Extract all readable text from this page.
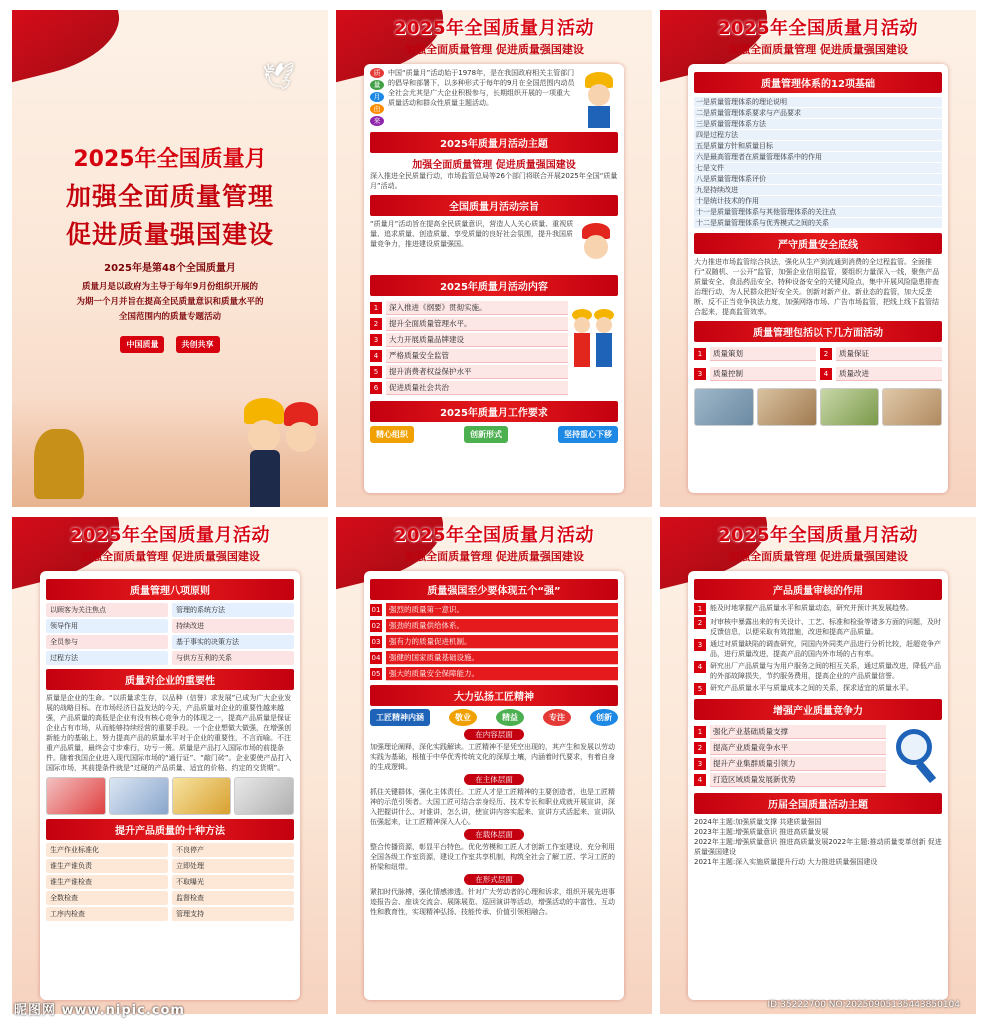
🕊
2025年全国质量月
加强全面质量管理
促进质量强国建设
2025年是第48个全国质量月
质量月是以政府为主导于每年9月份组织开展的
为期一个月并旨在提高全民质量意识和质量水平的
全国范围内的质量专题活动
中国质量	共创共享
2025年全国质量月活动
加强全面质量管理 促进质量强国建设
质
量
月
由
来
中国“质量月”活动始于1978年，是在我国政府相关主管部门的倡导和部署下，以多种形式于每年的9月在全国范围内动员全社会尤其是广大企业积极参与，长期组织开展的一项重大质量活动和群众性质量主题活动。
2025年质量月活动主题
加强全面质量管理 促进质量强国建设
深入推进全民质量行动，市场监管总局等26个部门将联合开展2025年全国“质量月”活动。
全国质量月活动宗旨
“质量月”活动旨在提高全民质量意识，营造人人关心质量、重视质量、追求质量、创造质量、享受质量的良好社会氛围，提升我国质量竞争力，推进建设质量强国。
2025年质量月活动内容
1	深入推进《纲要》贯彻实施。
2	提升全面质量管理水平。
3	大力开展质量品牌建设
4	严格质量安全监管
5	提升消费者权益保护水平
6	促进质量社会共治
2025年质量月工作要求
精心组织	创新形式	坚持重心下移
2025年全国质量月活动
加强全面质量管理 促进质量强国建设
质量管理体系的12项基础
一是质量管理体系的理论说明
二是质量管理体系要求与产品要求
三是质量管理体系方法
四是过程方法
五是质量方针和质量目标
六是最高管理者在质量管理体系中的作用
七是文件
八是质量管理体系评价
九是持续改进
十是统计技术的作用
十一是质量管理体系与其他管理体系的关注点
十二是质量管理体系与优秀模式之间的关系
严守质量安全底线
大力推进市场监管综合执法，强化从生产到流通到消费的全过程监管。全面推行“双随机、一公开”监管，加强企业信用监管，要组织力量深入一线，聚焦产品质量安全、食品药品安全、特种设备安全的关键风险点，集中开展风险隐患排查治理行动，为人民群众把好安全关。创新对新产业、新业态的监管，加大反垄断、反不正当竞争执法力度，加强网络市场、广告市场监管，把线上线下监管结合起来，提高监管效率。
质量管理包括以下几方面活动
1	质量策划	2	质量保证
3	质量控制	4	质量改进
2025年全国质量月活动
加强全面质量管理 促进质量强国建设
质量管理八项原则
以顾客为关注焦点	管理的系统方法
领导作用	持续改进
全员参与	基于事实的决策方法
过程方法	与供方互利的关系
质量对企业的重要性
质量是企业的生命。“以质量求生存，以品种（信誉）求发展”已成为广大企业发展的战略目标。在市场经济日益发达的今天，产品质量对企业的重要性越来越强，产品质量的高低是企业有没有核心竞争力的体现之一，提高产品质量是保证企业占有市场，从而能够持续经营的重要手段。一个企业想做大做强，在增强创新能力的基础上，努力提高产品的质量水平对于企业的重要性，不言而喻。不注重产品质量，最终会寸步难行，功亏一篑。质量是产品打入国际市场的前提条件。随着我国企业进入现代国际市场的“通行证”、“敲门砖”。企业要使产品打入国际市场，其前提条件就是“过硬的产品质量、适宜的价格、约定的交货期”。
提升产品质量的十种方法
生产作业标准化	不良停产
谁生产谁负责	立即处理
谁生产谁检查	不取曝光
全数检查	监督检查
工序内检查	管理支持
2025年全国质量月活动
加强全面质量管理 促进质量强国建设
质量强国至少要体现五个“强”
01	强烈的质量第一意识。
02	强劲的质量供给体系。
03	强有力的质量促进机制。
04	强健的国家质量基础设施。
05	强大的质量安全保障能力。
大力弘扬工匠精神
工匠精神内涵	敬业	精益	专注	创新
在内容层面
加强理论阐释，深化实践解读。工匠精神不是凭空出现的，其产生和发展以劳动实践为基础，根植于中华优秀传统文化的深厚土壤，内涵着时代要求，有着自身的生成逻辑。
在主体层面
抓住关键群体，强化主体责任。工匠人才是工匠精神的主要创造者，也是工匠精神的示范引领者。大国工匠可结合亲身经历、技术专长和职业成就开展宣讲，深入把握讲什么、对谁讲、怎么讲，使宣讲内容实起来、宣讲方式活起来、宣讲队伍强起来，让工匠精神深入人心。
在载体层面
整合传播资源，彰显平台特色。优化劳模和工匠人才创新工作室建设，充分利用全国各级工作室资源，建设工作室共享机制，构筑全社会了解工匠、学习工匠的桥梁和纽带。
在形式层面
紧扣时代脉搏，强化情感渗透。针对广大劳动者的心理和诉求，组织开展先进事迹报告会、座谈交流会、展陈展览、巡回演讲等活动，增强活动的丰富性、互动性和教育性，实现精神弘扬、技能传承、价值引领相融合。
2025年全国质量月活动
加强全面质量管理 促进质量强国建设
产品质量审核的作用
1	能及时地掌握产品质量水平和质量动态，研究并预计其发展趋势。
2	对审核中暴露出来的有关设计、工艺、标准和检验等诸多方面的问题，及时反馈信息，以便采取有效措施，改进和提高产品质量。
3	通过对质量缺陷的调查研究，同国内外同类产品进行分析比较，赶超竞争产品，进行质量改进，提高产品的国内外市场的占有率。
4	研究出厂产品质量与为用户服务之间的相互关系，通过质量改进，降低产品的外部故障损失，节约服务费用，提高企业的产品质量信誉。
5	研究产品质量水平与质量成本之间的关系，探求适宜的质量水平。
增强产业质量竞争力
1	强化产业基础质量支撑
2	提高产业质量竞争水平
3	提升产业集群质量引领力
4	打造区域质量发展新优势
历届全国质量活动主题
2024年主题:加强质量支撑 共建质量强国
2023年主题:增强质量意识 推进高质量发展
2022年主题:增强质量意识 推进高质量发展2022年主题:推动质量变革创新 促进质量强国建设
2021年主题:深入实施质量提升行动 大力推进质量强国建设
昵图网 www.nipic.com	ID:35222700 NO:20250905135443850104
